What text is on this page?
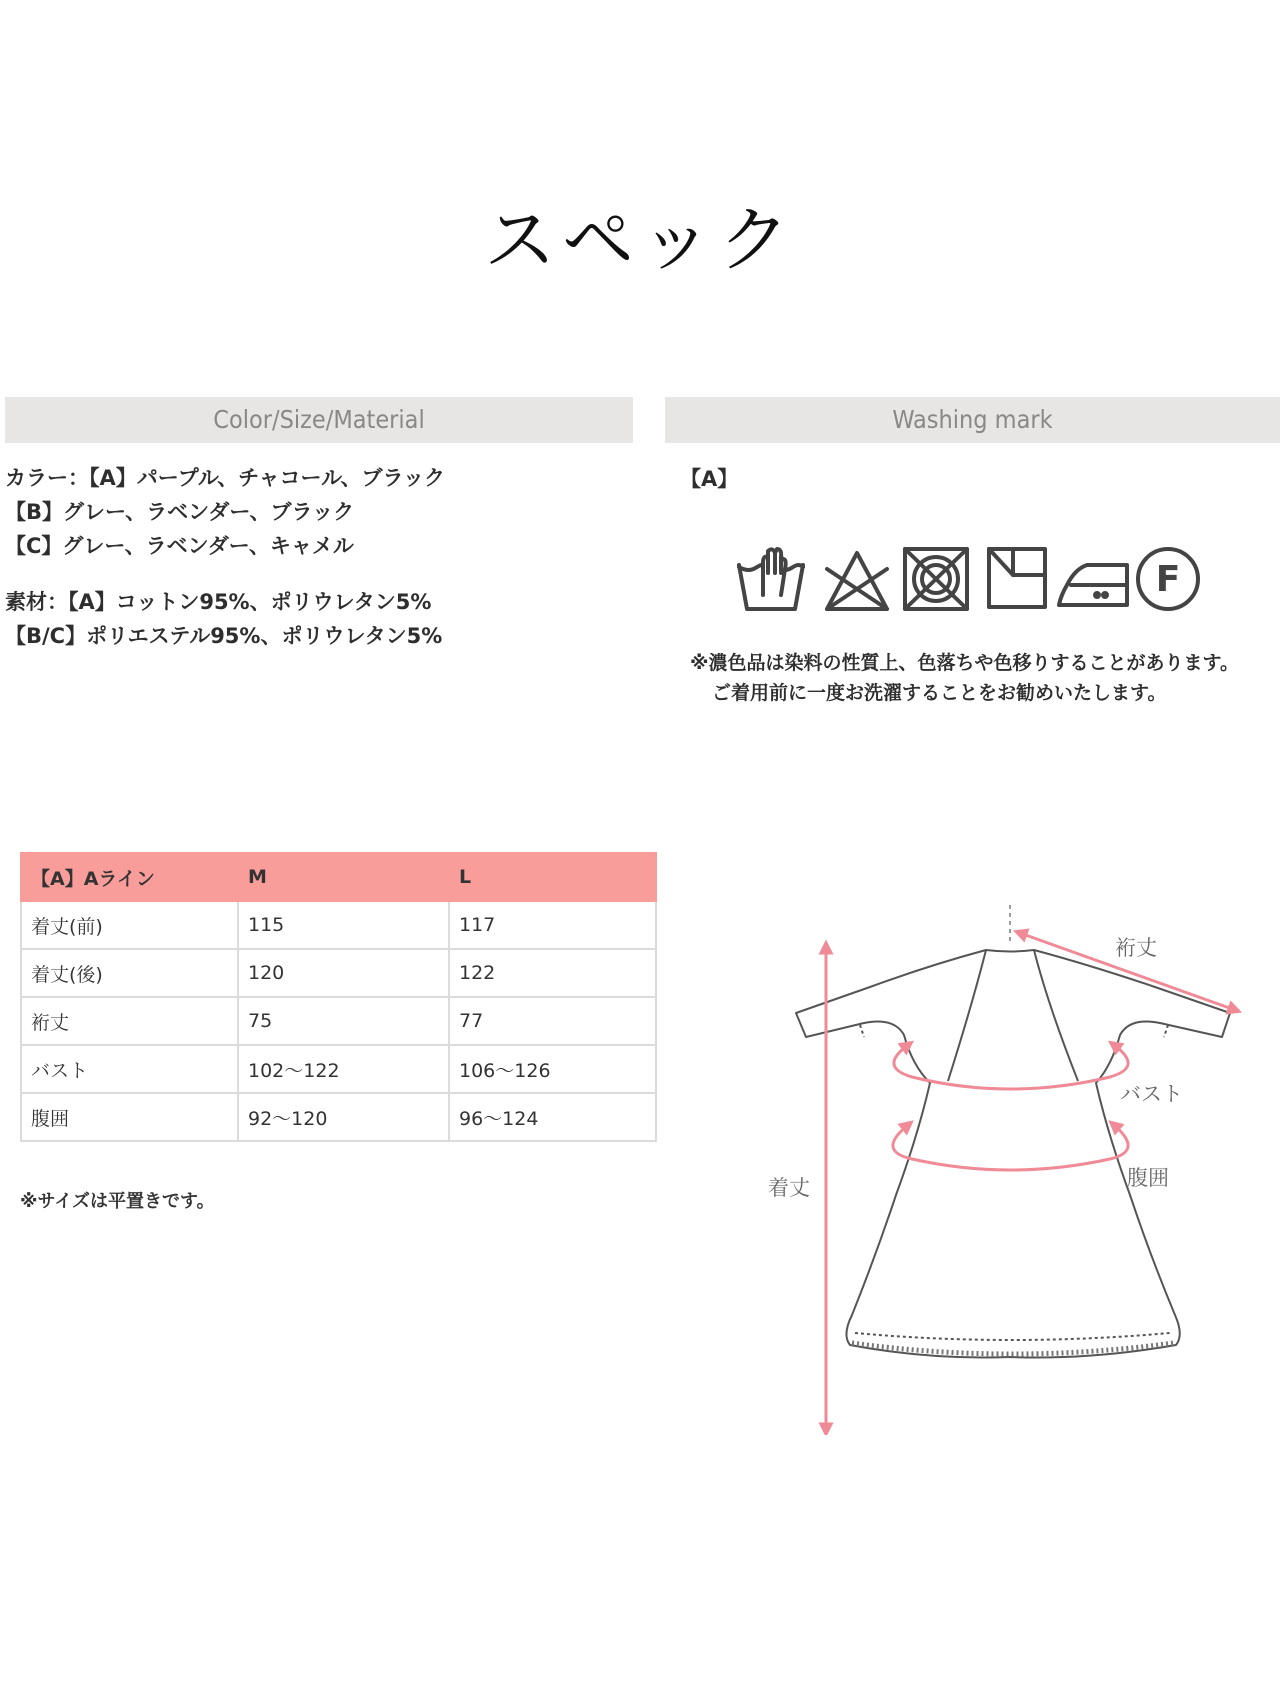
スペック
Color/Size/Material
カラー：【A】パープル、チャコール、ブラック
【B】グレー、ラベンダー、ブラック
【C】グレー、ラベンダー、キャメル
素材：【A】コットン95%、ポリウレタン5%
【B/C】ポリエステル95%、ポリウレタン5%
Washing mark
【A】
F
※濃色品は染料の性質上、色落ちや色移りすることがあります。
ご着用前に一度お洗濯することをお勧めいたします。
【A】Aライン	M	L
着丈(前)	115	117
着丈(後)	120	122
裄丈	75	77
バスト	102〜122	106〜126
腹囲	92〜120	96〜124
※サイズは平置きです。
裄丈
バスト
腹囲
着丈
